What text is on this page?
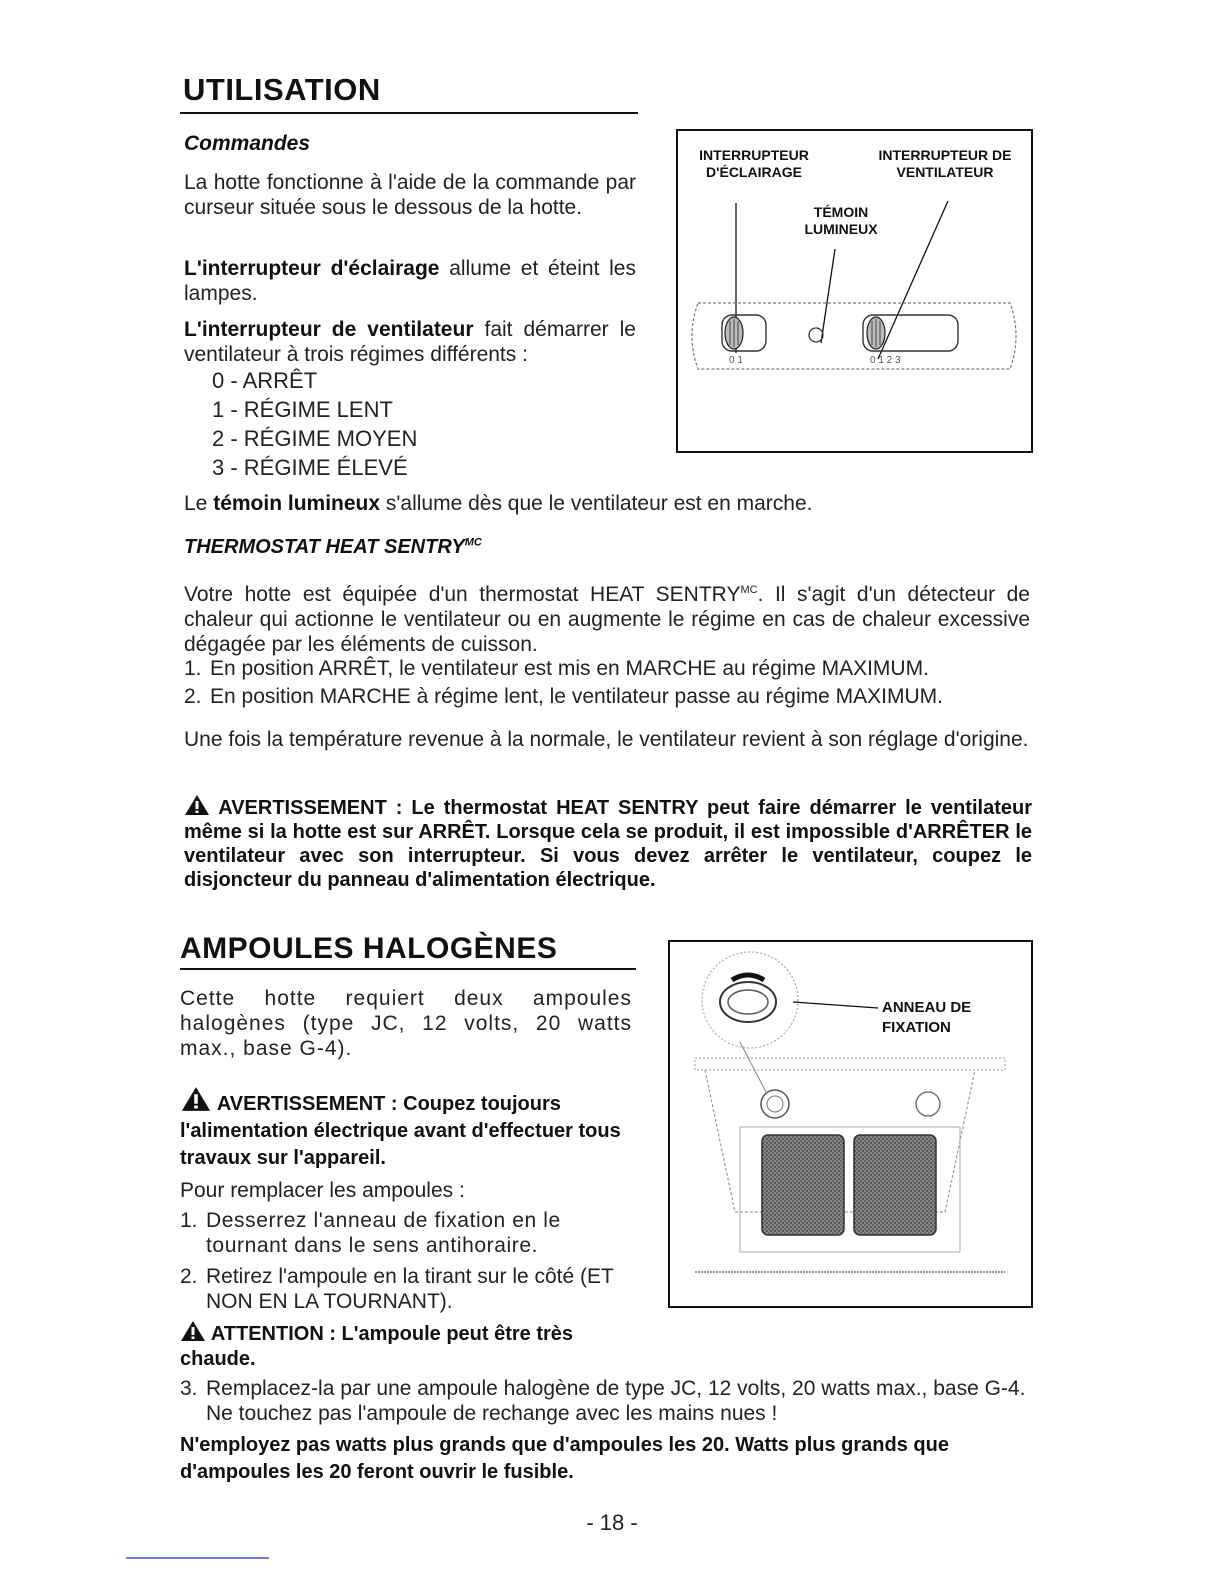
UTILISATION
Commandes

La hotte fonctionne à l'aide de la commande par curseur située sous le dessous de la hotte.

L'interrupteur d'éclairage allume et éteint les lampes.

L'interrupteur de ventilateur fait démarrer le ventilateur à trois régimes différents :

0 - ARRÊT
1 - RÉGIME LENT
2 - RÉGIME MOYEN
3 - RÉGIME ÉLEVÉ

Le témoin lumineux s'allume dès que le ventilateur est en marche.

INTERRUPTEUR
D'ÉCLAIRAGE
INTERRUPTEUR DE
VENTILATEUR
TÉMOIN
LUMINEUX
0 1	0 1 2 3
THERMOSTAT HEAT $SENTRY^{MC}$

Votre hotte est équipée d'un thermostat HEAT $SENTRY^{MC}$. Il s'agit d'un détecteur de chaleur qui actionne le ventilateur ou en augmente le régime en cas de chaleur excessive dégagée par les éléments de cuisson.

1. En position ARRÊT, le ventilateur est mis en MARCHE au régime MAXIMUM.
2. En position MARCHE à régime lent, le ventilateur passe au régime MAXIMUM.

Une fois la température revenue à la normale, le ventilateur revient à son réglage d'origine.

AVERTISSEMENT : Le thermostat HEAT SENTRY peut faire démarrer le ventilateur même si la hotte est sur ARRÊT. Lorsque cela se produit, il est impossible d'ARRÊTER le ventilateur avec son interrupteur. Si vous devez arrêter le ventilateur, coupez le disjoncteur du panneau d'alimentation électrique.

AMPOULES HALOGÈNES

Cette hotte requiert deux ampoules halogènes (type JC, 12 volts, 20 watts max., base G-4).

AVERTISSEMENT : Coupez toujours l'alimentation électrique avant d'effectuer tous travaux sur l'appareil.

Pour remplacer les ampoules :

1. Desserrez l'anneau de fixation en le tournant dans le sens antihoraire.
2. Retirez l'ampoule en la tirant sur le côté (ET NON EN LA TOURNANT).

ATTENTION : L'ampoule peut être très chaude.

3. Remplacez-la par une ampoule halogène de type JC, 12 volts, 20 watts max., base G-4. Ne touchez pas l'ampoule de rechange avec les mains nues !

N'employez pas watts plus grands que d'ampoules les 20. Watts plus grands que d'ampoules les 20 feront ouvrir le fusible.

ANNEAU DE
FIXATION
- 18 -
